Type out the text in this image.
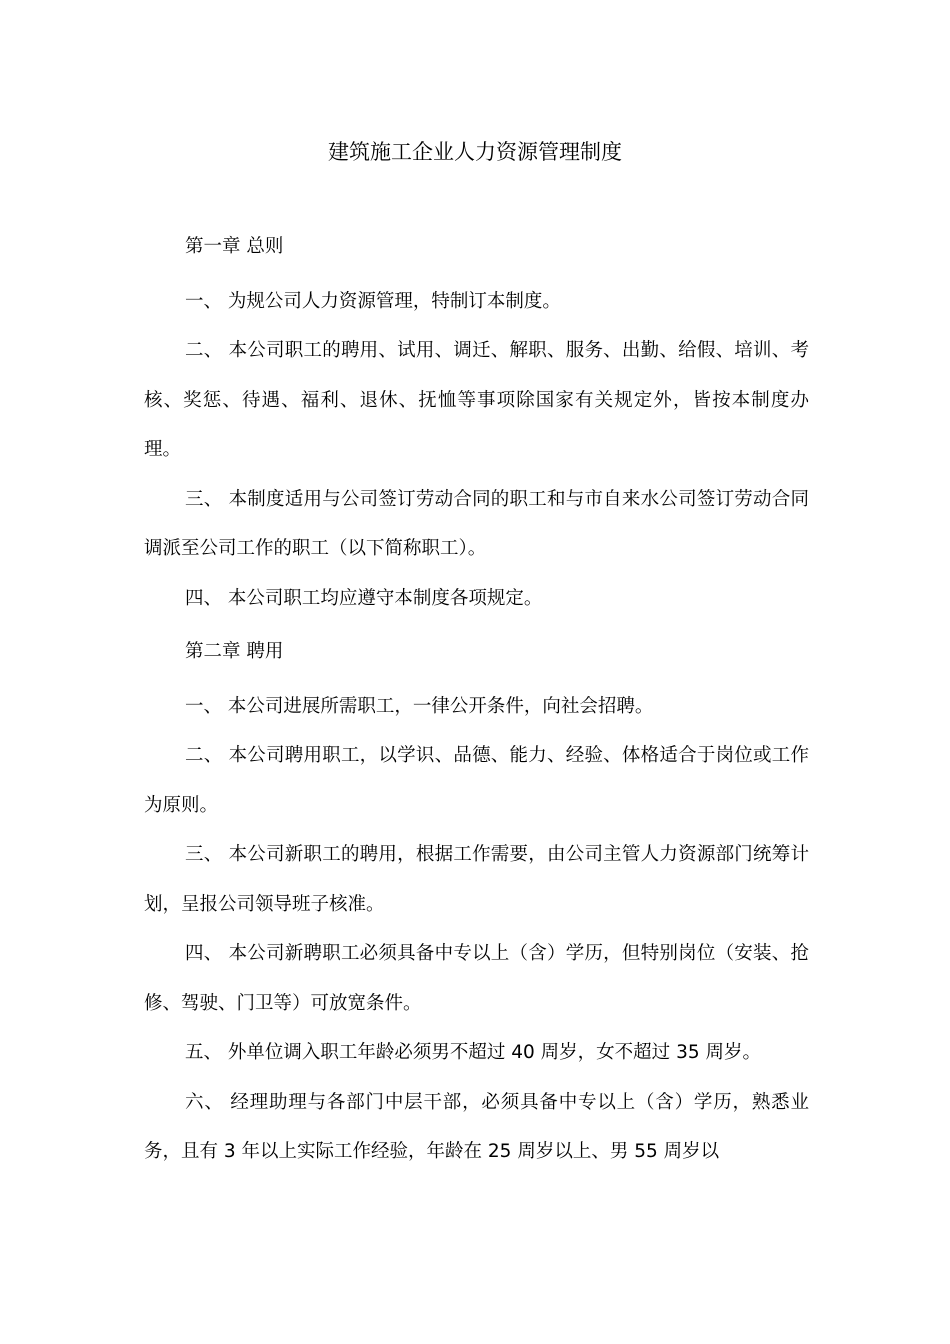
建筑施工企业人力资源管理制度

第一章 总则

一、 为规公司人力资源管理，特制订本制度。

二、 本公司职工的聘用、试用、调迁、解职、服务、出勤、给假、培训、考核、奖惩、待遇、福利、退休、抚恤等事项除国家有关规定外，皆按本制度办理。

三、 本制度适用与公司签订劳动合同的职工和与市自来水公司签订劳动合同调派至公司工作的职工（以下简称职工）。

四、 本公司职工均应遵守本制度各项规定。

第二章 聘用

一、 本公司进展所需职工，一律公开条件，向社会招聘。

二、 本公司聘用职工，以学识、品德、能力、经验、体格适合于岗位或工作为原则。

三、 本公司新职工的聘用，根据工作需要，由公司主管人力资源部门统筹计划，呈报公司领导班子核准。

四、 本公司新聘职工必须具备中专以上（含）学历，但特别岗位（安装、抢修、驾驶、门卫等）可放宽条件。

五、 外单位调入职工年龄必须男不超过 40 周岁，女不超过 35 周岁。

六、 经理助理与各部门中层干部，必须具备中专以上（含）学历，熟悉业务，且有 3 年以上实际工作经验，年龄在 25 周岁以上、男 55 周岁以
